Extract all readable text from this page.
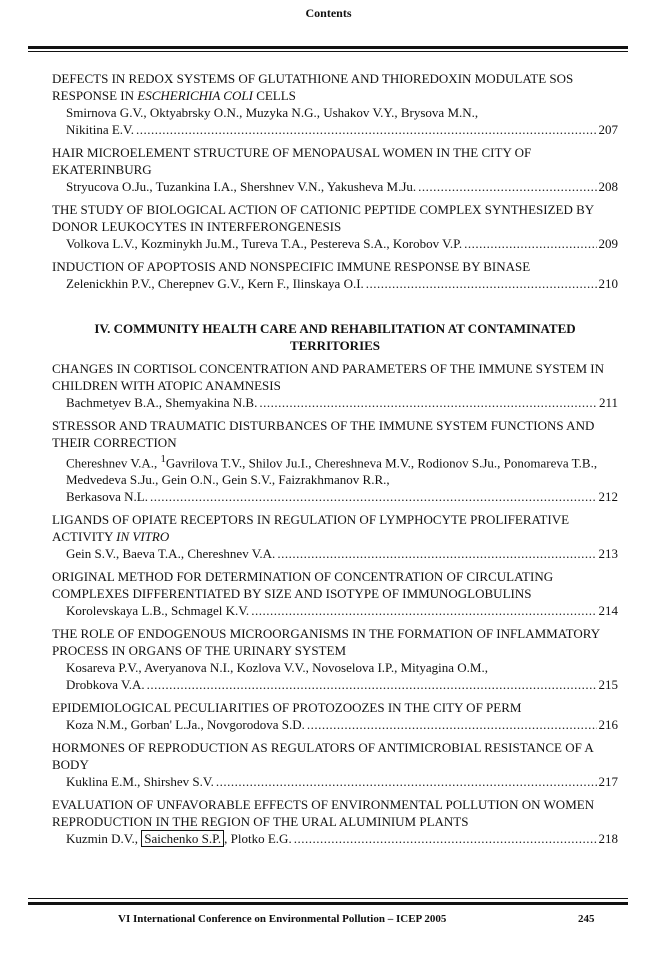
Contents
DEFECTS IN REDOX SYSTEMS OF GLUTATHIONE AND THIOREDOXIN MODULATE SOS RESPONSE IN ESCHERICHIA COLI CELLS
Smirnova G.V., Oktyabrsky O.N., Muzyka N.G., Ushakov V.Y., Brysova M.N.,
Nikitina E.V. .....	207
HAIR MICROELEMENT STRUCTURE OF MENOPAUSAL WOMEN IN THE CITY OF EKATERINBURG
Stryucova O.Ju., Tuzankina I.A., Shershnev V.N., Yakusheva M.Ju. .....	208
THE STUDY OF BIOLOGICAL ACTION OF CATIONIC PEPTIDE COMPLEX SYNTHESIZED BY DONOR LEUKOCYTES IN INTERFERONGENESIS
Volkova L.V., Kozminykh Ju.M., Tureva T.A., Pestereva S.A., Korobov V.P. .....	209
INDUCTION OF APOPTOSIS AND NONSPECIFIC IMMUNE RESPONSE BY BINASE
Zelenickhin P.V., Cherepnev G.V., Kern F., Ilinskaya O.I. .....	210
IV. COMMUNITY HEALTH CARE AND REHABILITATION AT CONTAMINATED TERRITORIES
CHANGES IN CORTISOL CONCENTRATION AND PARAMETERS OF THE IMMUNE SYSTEM IN CHILDREN WITH ATOPIC ANAMNESIS
Bachmetyev B.A., Shemyakina N.B. .....	211
STRESSOR AND TRAUMATIC DISTURBANCES OF THE IMMUNE SYSTEM FUNCTIONS AND THEIR CORRECTION
Chereshnev V.A., $^1$Gavrilova T.V., Shilov Ju.I., Chereshneva M.V., Rodionov S.Ju., Ponomareva T.B., Medvedeva S.Ju., Gein O.N., Gein S.V., Faizrakhmanov R.R.,
Berkasova N.L. .....	212
LIGANDS OF OPIATE RECEPTORS IN REGULATION OF LYMPHOCYTE PROLIFERATIVE ACTIVITY IN VITRO
Gein S.V., Baeva T.A., Chereshnev V.A. .....	213
ORIGINAL METHOD FOR DETERMINATION OF CONCENTRATION OF CIRCULATING COMPLEXES DIFFERENTIATED BY SIZE AND ISOTYPE OF IMMUNOGLOBULINS
Korolevskaya L.B., Schmagel K.V. .....	214
THE ROLE OF ENDOGENOUS MICROORGANISMS IN THE FORMATION OF INFLAMMATORY PROCESS IN ORGANS OF THE URINARY SYSTEM
Kosareva P.V., Averyanova N.I., Kozlova V.V., Novoselova I.P., Mityagina O.M.,
Drobkova V.A. .....	215
EPIDEMIOLOGICAL PECULIARITIES OF PROTOZOOZES IN THE CITY OF PERM
Koza N.M., Gorban' L.Ja., Novgorodova S.D. .....	216
HORMONES OF REPRODUCTION AS REGULATORS OF ANTIMICROBIAL RESISTANCE OF A BODY
Kuklina E.M., Shirshev S.V. .....	217
EVALUATION OF UNFAVORABLE EFFECTS OF ENVIRONMENTAL POLLUTION ON WOMEN REPRODUCTION IN THE REGION OF THE URAL ALUMINIUM PLANTS
Kuzmin D.V., Saichenko S.P. , Plotko E.G. .....	218
VI International Conference on Environmental Pollution – ICEP 2005	245
